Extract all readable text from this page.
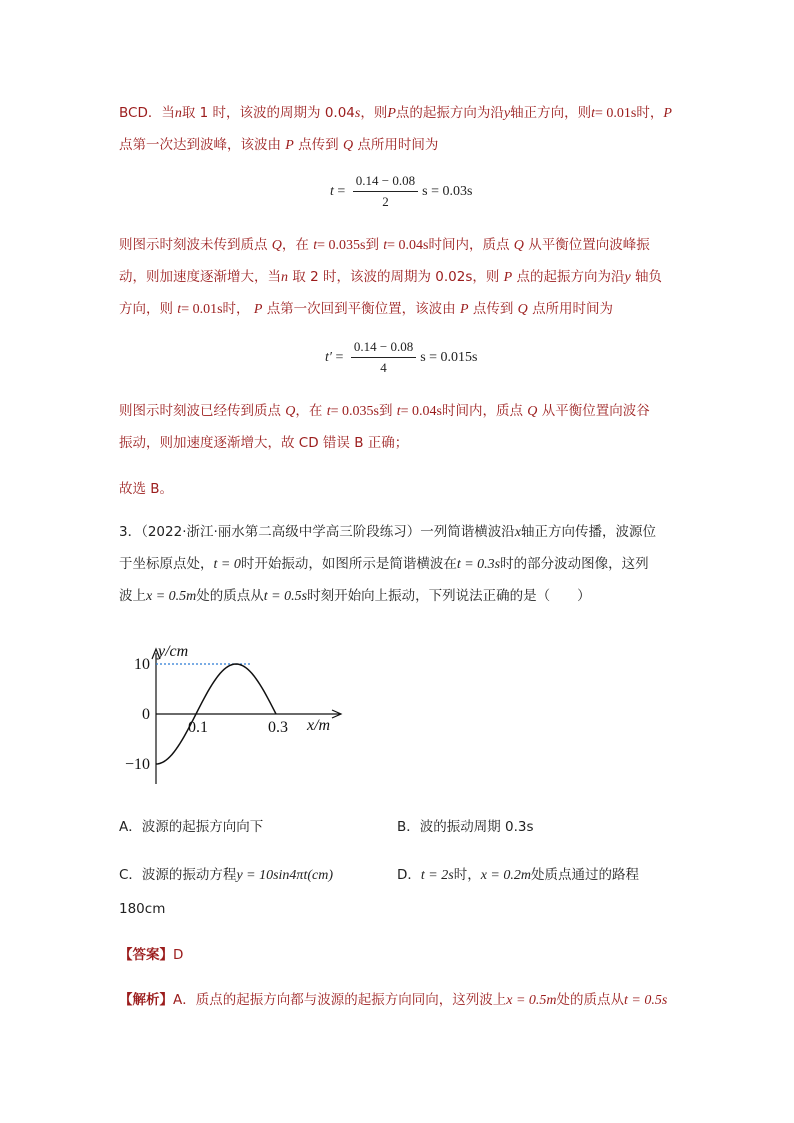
BCD．当n取 1 时，该波的周期为 0.04s，则P点的起振方向为沿y轴正方向，则t= 0.01s时，P
点第一次达到波峰，该波由 P 点传到 Q 点所用时间为
$t = \frac{0.14 - 0.08}{2}$ s = 0.03s
则图示时刻波未传到质点 Q，在 t= 0.035s到 t= 0.04s时间内，质点 Q 从平衡位置向波峰振
动，则加速度逐渐增大，当n 取 2 时，该波的周期为 0.02s，则 P 点的起振方向为沿y 轴负
方向，则 t= 0.01s时， P 点第一次回到平衡位置，该波由 P 点传到 Q 点所用时间为
$t' = \frac{0.14 - 0.08}{4}$ s = 0.015s
则图示时刻波已经传到质点 Q，在 t= 0.035s到 t= 0.04s时间内，质点 Q 从平衡位置向波谷
振动，则加速度逐渐增大，故 CD 错误 B 正确；
故选 B。
3．（2022·浙江·丽水第二高级中学高三阶段练习）一列简谐横波沿x轴正方向传播，波源位
于坐标原点处，t = 0时开始振动，如图所示是简谐横波在t = 0.3s时的部分波动图像，这列
波上x = 0.5m处的质点从t = 0.5s时刻开始向上振动，下列说法正确的是（　　）
y/cm
x/m
10
0
−10
0.1	0.3
A．波源的起振方向向下	B．波的振动周期 0.3s
C．波源的振动方程y = 10sin4πt(cm)	D．t = 2s时，x = 0.2m处质点通过的路程
180cm
【答案】D
【解析】A．质点的起振方向都与波源的起振方向同向，这列波上x = 0.5m处的质点从t = 0.5s
